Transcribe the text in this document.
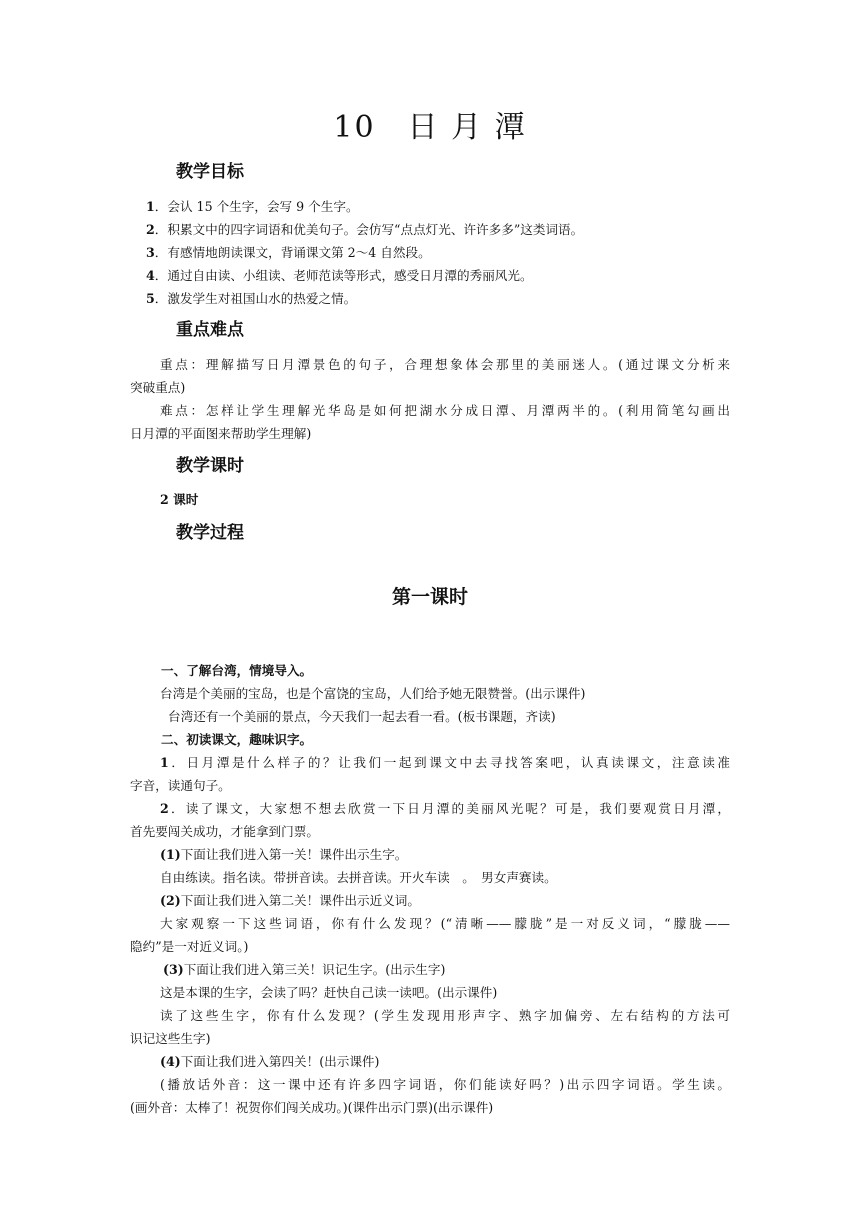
10　日 月 潭
教学目标
1．会认 15 个生字，会写 9 个生字。
2．积累文中的四字词语和优美句子。会仿写“点点灯光、许许多多”这类词语。
3．有感情地朗读课文，背诵课文第 2～4 自然段。
4．通过自由读、小组读、老师范读等形式，感受日月潭的秀丽风光。
5．激发学生对祖国山水的热爱之情。
重点难点
重点：理解描写日月潭景色的句子，合理想象体会那里的美丽迷人。(通过课文分析来
突破重点)
难点：怎样让学生理解光华岛是如何把湖水分成日潭、月潭两半的。(利用简笔勾画出
日月潭的平面图来帮助学生理解)
教学课时
2 课时
教学过程
第一课时
一、了解台湾，情境导入。
台湾是个美丽的宝岛，也是个富饶的宝岛，人们给予她无限赞誉。(出示课件)
台湾还有一个美丽的景点，今天我们一起去看一看。(板书课题，齐读)
二、初读课文，趣味识字。
1．日月潭是什么样子的？让我们一起到课文中去寻找答案吧，认真读课文，注意读准
字音，读通句子。
2．读了课文，大家想不想去欣赏一下日月潭的美丽风光呢？可是，我们要观赏日月潭，
首先要闯关成功，才能拿到门票。
(1)下面让我们进入第一关！课件出示生字。
自由练读。指名读。带拼音读。去拼音读。开火车读　。　男女声赛读。
(2)下面让我们进入第二关！课件出示近义词。
大家观察一下这些词语，你有什么发现？(“清晰——朦胧”是一对反义词，“朦胧——
隐约”是一对近义词。)
(3)下面让我们进入第三关！识记生字。(出示生字)
这是本课的生字，会读了吗？赶快自己读一读吧。(出示课件)
读了这些生字，你有什么发现？(学生发现用形声字、熟字加偏旁、左右结构的方法可
识记这些生字)
(4)下面让我们进入第四关！(出示课件)
(播放话外音：这一课中还有许多四字词语，你们能读好吗？)出示四字词语。学生读。
(画外音：太棒了！祝贺你们闯关成功。)(课件出示门票)(出示课件)
